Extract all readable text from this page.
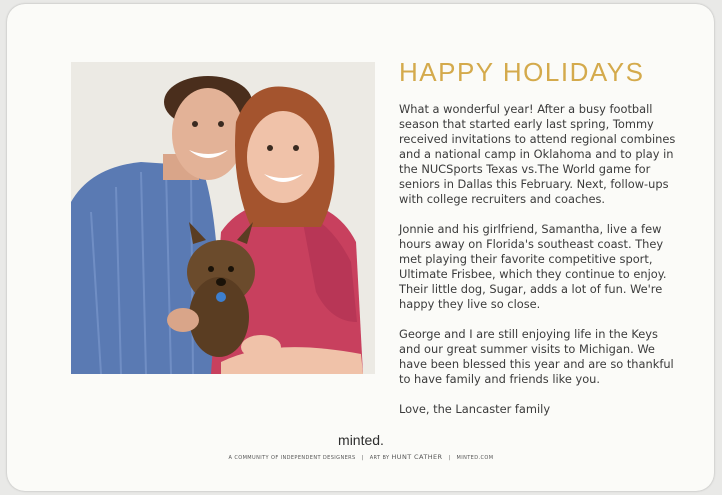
HAPPY HOLIDAYS

What a wonderful year! After a busy football season that started early last spring, Tommy received invitations to attend regional combines and a national camp in Oklahoma and to play in the NUCSports Texas vs.The World game for seniors in Dallas this February. Next, follow-ups with college recruiters and coaches.

Jonnie and his girlfriend, Samantha, live a few hours away on Florida's southeast coast. They met playing their favorite competitive sport, Ultimate Frisbee, which they continue to enjoy. Their little dog, Sugar, adds a lot of fun. We're happy they live so close.

George and I are still enjoying life in the Keys and our great summer visits to Michigan. We have been blessed this year and are so thankful to have family and friends like you.

Love, the Lancaster family

minted.
A COMMUNITY OF INDEPENDENT DESIGNERS | ART BY HUNT CATHER | MINTED.COM
